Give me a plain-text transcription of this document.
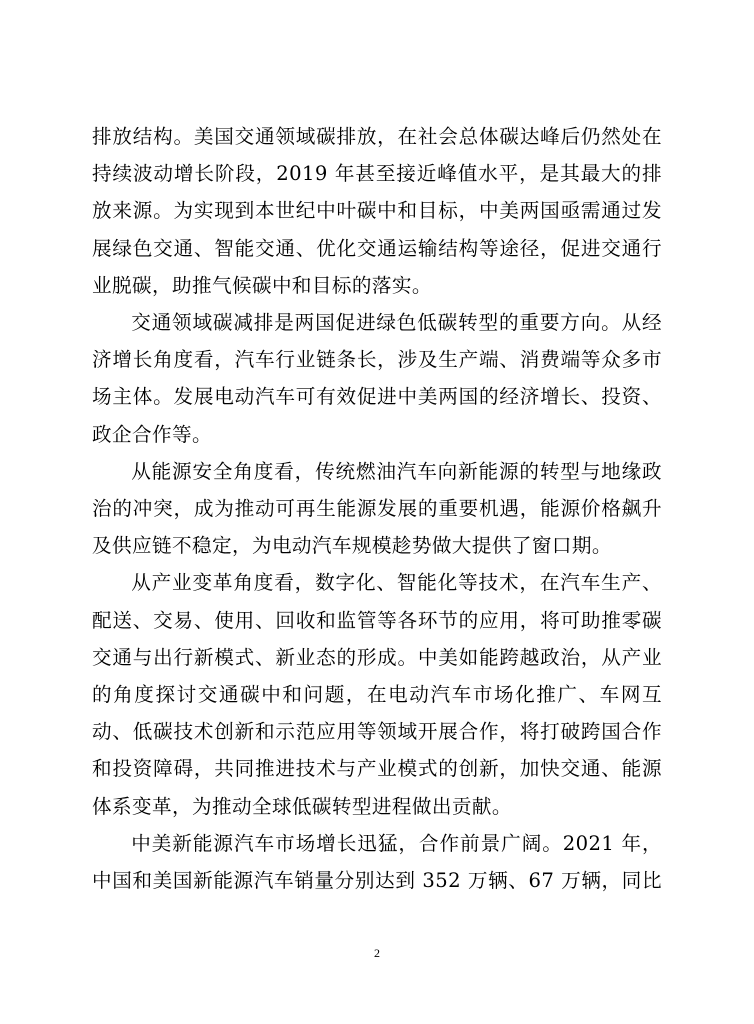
排放结构。美国交通领域碳排放，在社会总体碳达峰后仍然处在持续波动增长阶段，2019 年甚至接近峰值水平，是其最大的排放来源。为实现到本世纪中叶碳中和目标，中美两国亟需通过发展绿色交通、智能交通、优化交通运输结构等途径，促进交通行业脱碳，助推气候碳中和目标的落实。

交通领域碳减排是两国促进绿色低碳转型的重要方向。从经济增长角度看，汽车行业链条长，涉及生产端、消费端等众多市场主体。发展电动汽车可有效促进中美两国的经济增长、投资、政企合作等。

从能源安全角度看，传统燃油汽车向新能源的转型与地缘政治的冲突，成为推动可再生能源发展的重要机遇，能源价格飙升及供应链不稳定，为电动汽车规模趁势做大提供了窗口期。

从产业变革角度看，数字化、智能化等技术，在汽车生产、配送、交易、使用、回收和监管等各环节的应用，将可助推零碳交通与出行新模式、新业态的形成。中美如能跨越政治，从产业的角度探讨交通碳中和问题，在电动汽车市场化推广、车网互动、低碳技术创新和示范应用等领域开展合作，将打破跨国合作和投资障碍，共同推进技术与产业模式的创新，加快交通、能源体系变革，为推动全球低碳转型进程做出贡献。

中美新能源汽车市场增长迅猛，合作前景广阔。2021 年，中国和美国新能源汽车销量分别达到 352 万辆、67 万辆，同比

2
